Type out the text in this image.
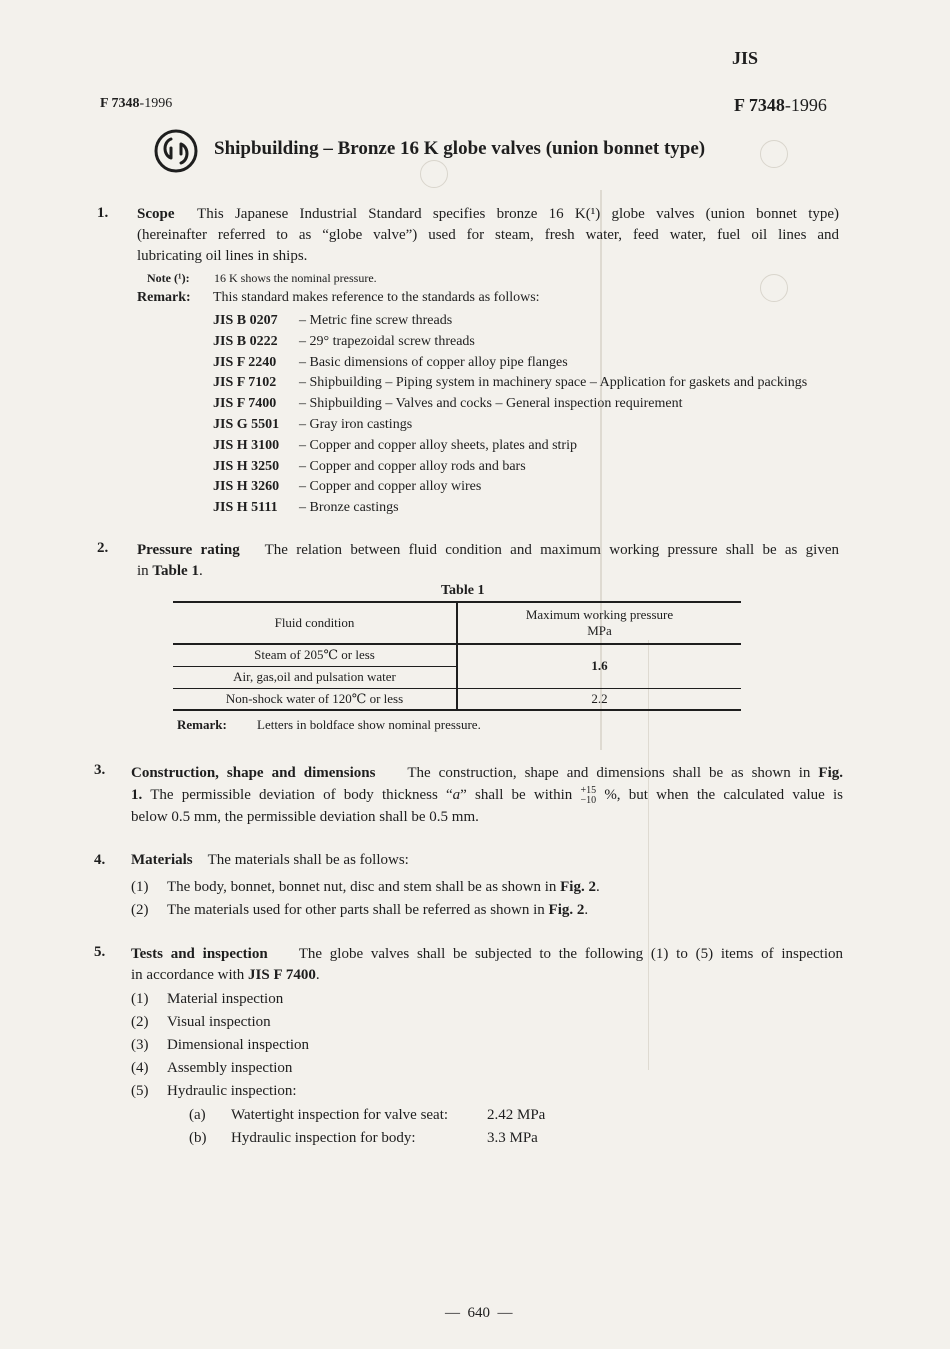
JIS
F 7348-1996	F 7348-1996
Shipbuilding – Bronze 16 K globe valves (union bonnet type)
1. Scope This Japanese Industrial Standard specifies bronze 16 K(¹) globe valves (union bonnet type)
(hereinafter referred to as “globe valve”) used for steam, fresh water, feed water, fuel oil lines and
lubricating oil lines in ships.
Note (¹): 16 K shows the nominal pressure.
Remark: This standard makes reference to the standards as follows:
JIS B 0207 – Metric fine screw threads
JIS B 0222 – 29° trapezoidal screw threads
JIS F 2240 – Basic dimensions of copper alloy pipe flanges
JIS F 7102 – Shipbuilding – Piping system in machinery space – Application for gaskets and packings
JIS F 7400 – Shipbuilding – Valves and cocks – General inspection requirement
JIS G 5501 – Gray iron castings
JIS H 3100 – Copper and copper alloy sheets, plates and strip
JIS H 3250 – Copper and copper alloy rods and bars
JIS H 3260 – Copper and copper alloy wires
JIS H 5111 – Bronze castings
2. Pressure rating The relation between fluid condition and maximum working pressure shall be as given
in Table 1.
Table 1
Fluid condition	Maximum working pressure
MPa

Steam of 205℃ or less	1.6
Air, gas,oil and pulsation water	
Non-shock water of 120℃ or less	2.2
Remark: Letters in boldface show nominal pressure.
3. Construction, shape and dimensions The construction, shape and dimensions shall be as shown in Fig.
1. The permissible deviation of body thickness “a” shall be within +15
−10 %, but when the calculated value is
below 0.5 mm, the permissible deviation shall be 0.5 mm.
4. Materials The materials shall be as follows:
(1) The body, bonnet, bonnet nut, disc and stem shall be as shown in Fig. 2.
(2) The materials used for other parts shall be referred as shown in Fig. 2.
5. Tests and inspection The globe valves shall be subjected to the following (1) to (5) items of inspection
in accordance with JIS F 7400.
(1) Material inspection
(2) Visual inspection
(3) Dimensional inspection
(4) Assembly inspection
(5) Hydraulic inspection:
(a) Watertight inspection for valve seat:	2.42 MPa
(b) Hydraulic inspection for body:	3.3 MPa
—  640  —
